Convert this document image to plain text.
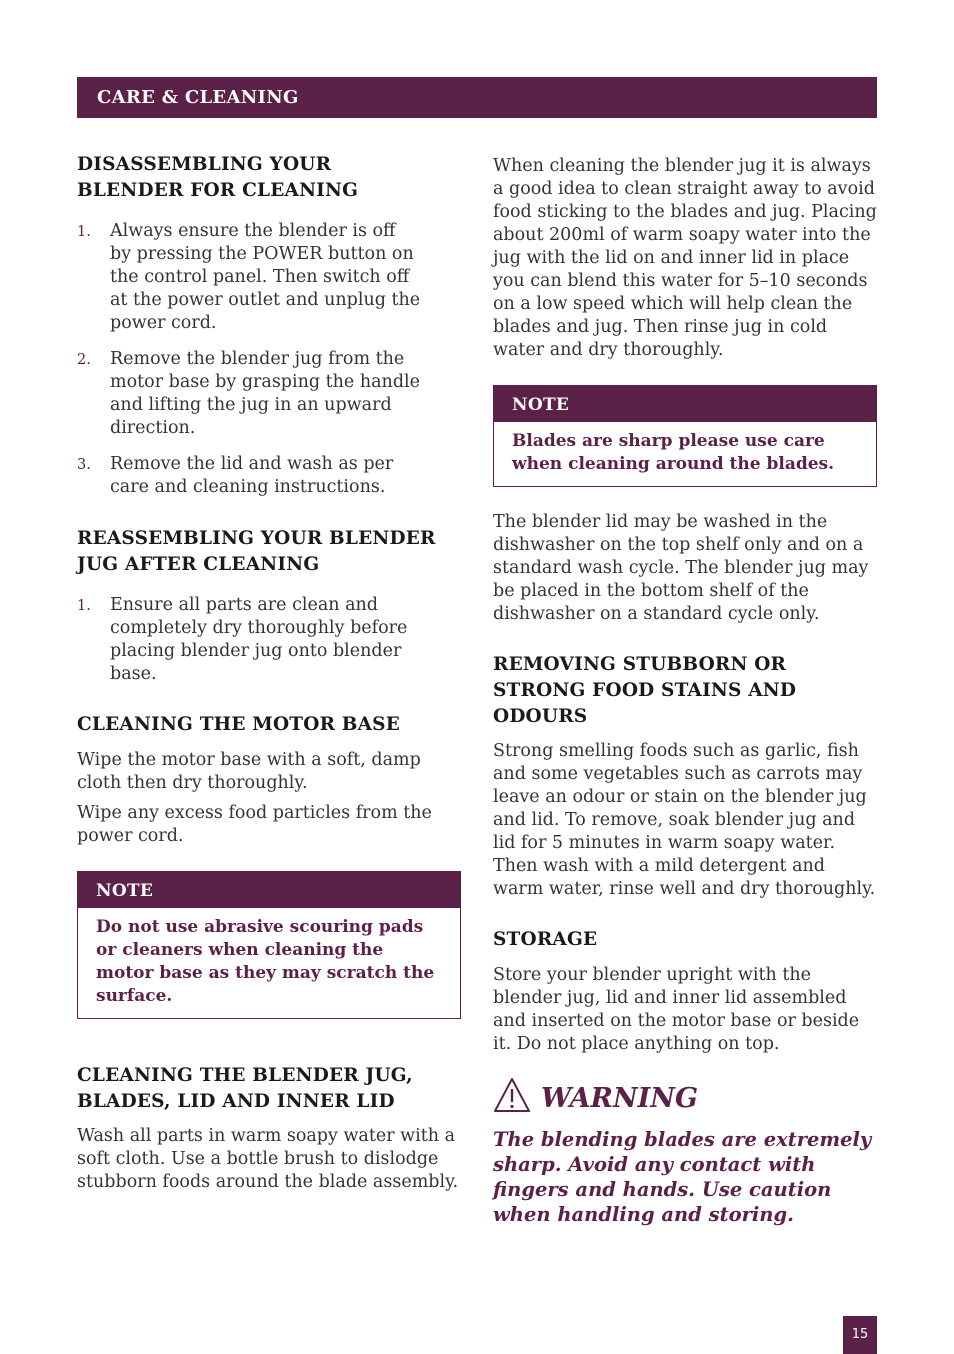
CARE & CLEANING
DISASSEMBLING YOUR BLENDER FOR CLEANING
1. Always ensure the blender is off by pressing the POWER button on the control panel. Then switch off at the power outlet and unplug the power cord.
2. Remove the blender jug from the motor base by grasping the handle and lifting the jug in an upward direction.
3. Remove the lid and wash as per care and cleaning instructions.
REASSEMBLING YOUR BLENDER JUG AFTER CLEANING
1. Ensure all parts are clean and completely dry thoroughly before placing blender jug onto blender base.
CLEANING THE MOTOR BASE

Wipe the motor base with a soft, damp cloth then dry thoroughly.

Wipe any excess food particles from the power cord.

NOTE
Do not use abrasive scouring pads or cleaners when cleaning the motor base as they may scratch the surface.
CLEANING THE BLENDER JUG, BLADES, LID AND INNER LID

Wash all parts in warm soapy water with a soft cloth. Use a bottle brush to dislodge stubborn foods around the blade assembly.

When cleaning the blender jug it is always a good idea to clean straight away to avoid food sticking to the blades and jug. Placing about 200ml of warm soapy water into the jug with the lid on and inner lid in place you can blend this water for 5–10 seconds on a low speed which will help clean the blades and jug. Then rinse jug in cold water and dry thoroughly.

NOTE
Blades are sharp please use care when cleaning around the blades.

The blender lid may be washed in the dishwasher on the top shelf only and on a standard wash cycle. The blender jug may be placed in the bottom shelf of the dishwasher on a standard cycle only.

REMOVING STUBBORN OR STRONG FOOD STAINS AND ODOURS

Strong smelling foods such as garlic, fish and some vegetables such as carrots may leave an odour or stain on the blender jug and lid. To remove, soak blender jug and lid for 5 minutes in warm soapy water. Then wash with a mild detergent and warm water, rinse well and dry thoroughly.

STORAGE

Store your blender upright with the blender jug, lid and inner lid assembled and inserted on the motor base or beside it. Do not place anything on top.

WARNING
The blending blades are extremely sharp. Avoid any contact with fingers and hands. Use caution when handling and storing.
15
